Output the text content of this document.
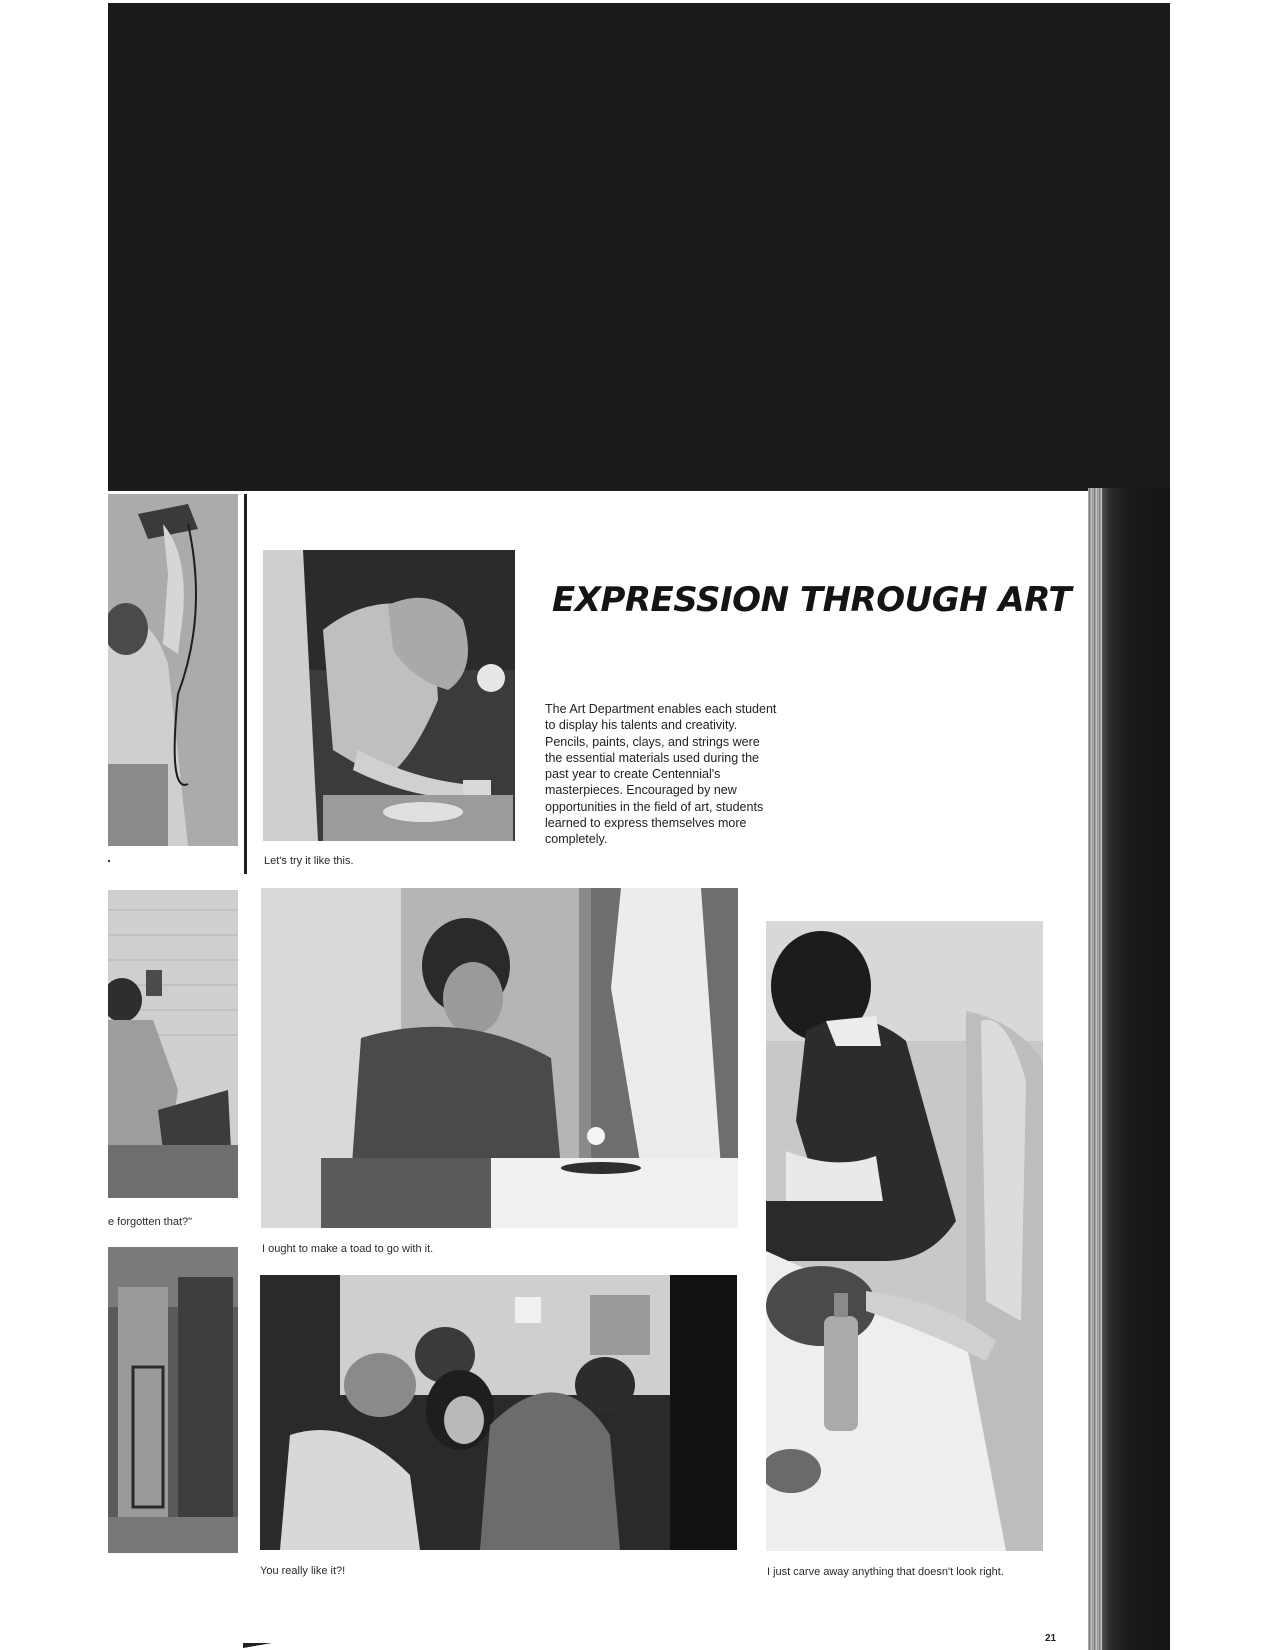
e forgotten that?"
Let's try it like this.
EXPRESSION THROUGH ART

The Art Department enables each student to display his talents and creativity. Pencils, paints, clays, and strings were the essential materials used during the past year to create Centennial's masterpieces. Encouraged by new opportunities in the field of art, students learned to express themselves more completely.

I ought to make a toad to go with it.
You really like it?!	I just carve away anything that doesn't look right.
21
